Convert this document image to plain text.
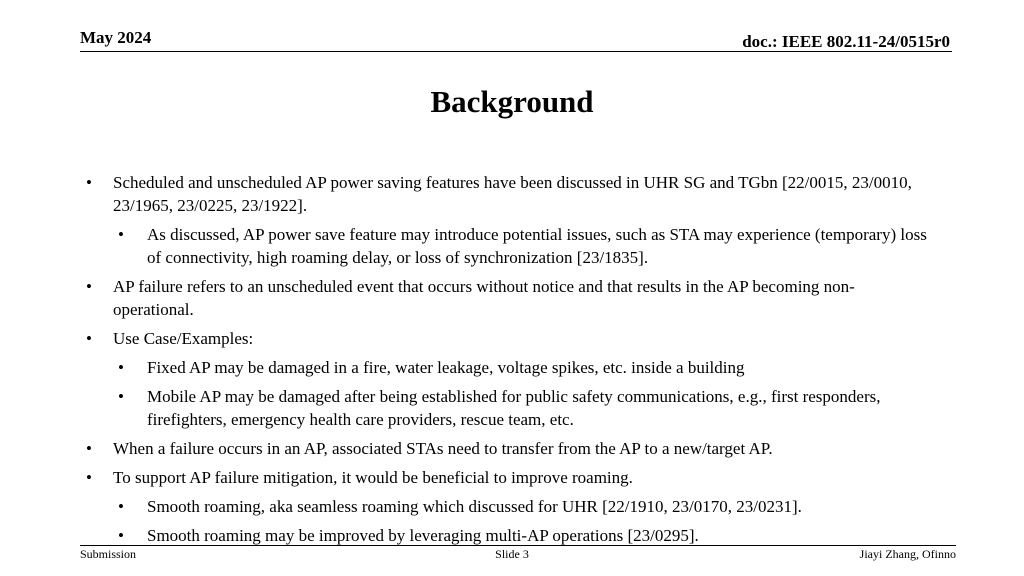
May 2024	doc.: IEEE 802.11-24/0515r0
Background
• Scheduled and unscheduled AP power saving features have been discussed in UHR SG and TGbn [22/0015, 23/0010, 23/1965, 23/0225, 23/1922].
• As discussed, AP power save feature may introduce potential issues, such as STA may experience (temporary) loss of connectivity, high roaming delay, or loss of synchronization [23/1835].
• AP failure refers to an unscheduled event that occurs without notice and that results in the AP becoming non-operational.
• Use Case/Examples:
• Fixed AP may be damaged in a fire, water leakage, voltage spikes, etc. inside a building
• Mobile AP may be damaged after being established for public safety communications, e.g., first responders, firefighters, emergency health care providers, rescue team, etc.
• When a failure occurs in an AP, associated STAs need to transfer from the AP to a new/target AP.
• To support AP failure mitigation, it would be beneficial to improve roaming.
• Smooth roaming, aka seamless roaming which discussed for UHR [22/1910, 23/0170, 23/0231].
• Smooth roaming may be improved by leveraging multi-AP operations [23/0295].
Submission	Slide 3	Jiayi Zhang, Ofinno
